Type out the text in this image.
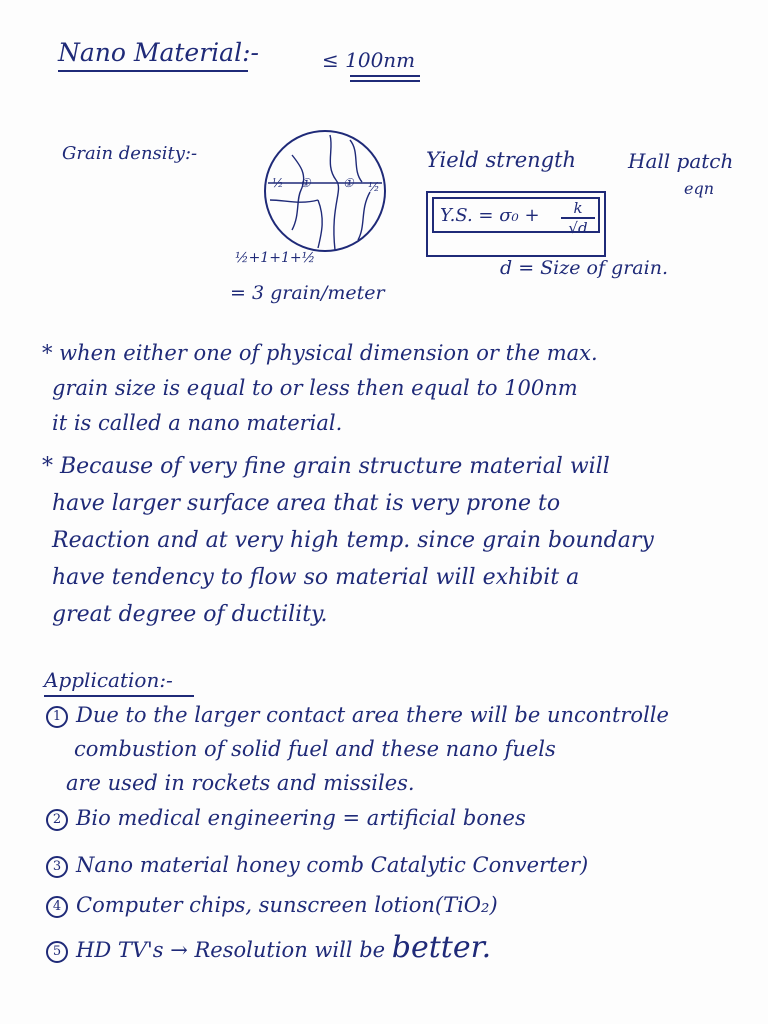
½ ①	① ½
Nano Material:-	≤ 100nm
Grain density:-
½+1+1+½
= 3 grain/meter
Yield strength	Hall patch
eqn
Y.S. = $\sigma_0 + \frac{k}{√d}$
d = Size of grain.
* when either one of physical dimension or the max.
grain size is equal to or less then equal to 100nm
it is called a nano material.
* Because of very fine grain structure material will
have larger surface area that is very prone to
Reaction and at very high temp. since grain boundary
have tendency to flow so material will exhibit a
great degree of ductility.
Application:-
1 Due to the larger contact area there will be uncontrolle
combustion of solid fuel and these nano fuels
are used in rockets and missiles.
2 Bio medical engineering = artificial bones
3 Nano material honey comb Catalytic Converter)
4 Computer chips, sunscreen lotion(TiO₂)
5 HD TV's → Resolution will be better.
